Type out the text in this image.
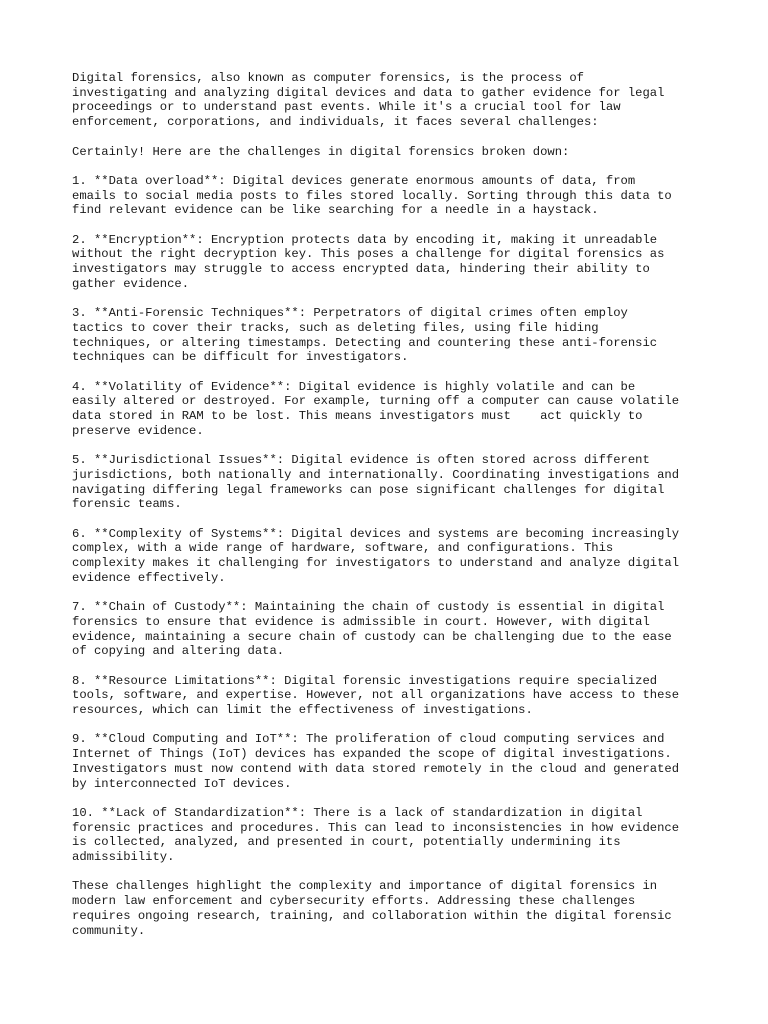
Digital forensics, also known as computer forensics, is the process of
investigating and analyzing digital devices and data to gather evidence for legal
proceedings or to understand past events. While it's a crucial tool for law
enforcement, corporations, and individuals, it faces several challenges:

Certainly! Here are the challenges in digital forensics broken down:

1. **Data overload**: Digital devices generate enormous amounts of data, from
emails to social media posts to files stored locally. Sorting through this data to
find relevant evidence can be like searching for a needle in a haystack.

2. **Encryption**: Encryption protects data by encoding it, making it unreadable
without the right decryption key. This poses a challenge for digital forensics as
investigators may struggle to access encrypted data, hindering their ability to
gather evidence.

3. **Anti-Forensic Techniques**: Perpetrators of digital crimes often employ
tactics to cover their tracks, such as deleting files, using file hiding
techniques, or altering timestamps. Detecting and countering these anti-forensic
techniques can be difficult for investigators.

4. **Volatility of Evidence**: Digital evidence is highly volatile and can be
easily altered or destroyed. For example, turning off a computer can cause volatile
data stored in RAM to be lost. This means investigators must    act quickly to
preserve evidence.

5. **Jurisdictional Issues**: Digital evidence is often stored across different
jurisdictions, both nationally and internationally. Coordinating investigations and
navigating differing legal frameworks can pose significant challenges for digital
forensic teams.

6. **Complexity of Systems**: Digital devices and systems are becoming increasingly
complex, with a wide range of hardware, software, and configurations. This
complexity makes it challenging for investigators to understand and analyze digital
evidence effectively.

7. **Chain of Custody**: Maintaining the chain of custody is essential in digital
forensics to ensure that evidence is admissible in court. However, with digital
evidence, maintaining a secure chain of custody can be challenging due to the ease
of copying and altering data.

8. **Resource Limitations**: Digital forensic investigations require specialized
tools, software, and expertise. However, not all organizations have access to these
resources, which can limit the effectiveness of investigations.

9. **Cloud Computing and IoT**: The proliferation of cloud computing services and
Internet of Things (IoT) devices has expanded the scope of digital investigations.
Investigators must now contend with data stored remotely in the cloud and generated
by interconnected IoT devices.

10. **Lack of Standardization**: There is a lack of standardization in digital
forensic practices and procedures. This can lead to inconsistencies in how evidence
is collected, analyzed, and presented in court, potentially undermining its
admissibility.

These challenges highlight the complexity and importance of digital forensics in
modern law enforcement and cybersecurity efforts. Addressing these challenges
requires ongoing research, training, and collaboration within the digital forensic
community.
